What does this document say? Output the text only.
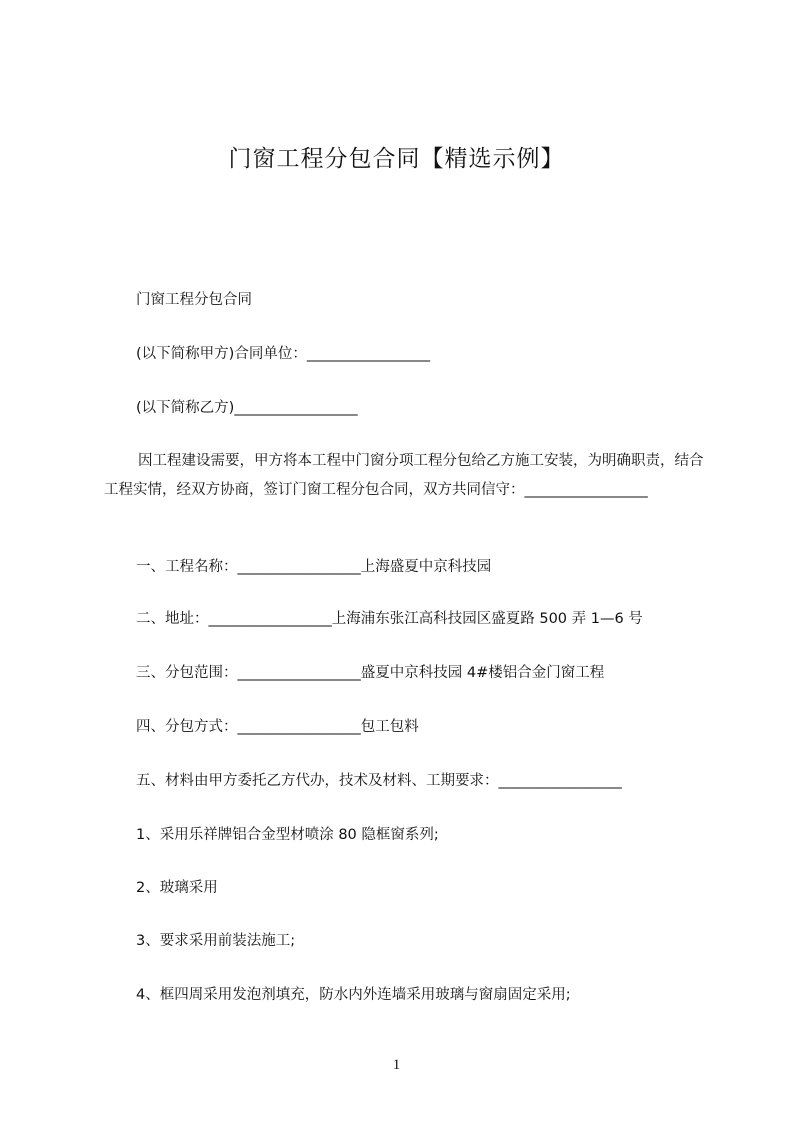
门窗工程分包合同【精选示例】
门窗工程分包合同
(以下简称甲方)合同单位：_________________
(以下简称乙方)_________________

因工程建设需要，甲方将本工程中门窗分项工程分包给乙方施工安装，为明确职责，结合工程实情，经双方协商，签订门窗工程分包合同，双方共同信守：_________________

一、工程名称：_________________上海盛夏中京科技园
二、地址：_________________上海浦东张江高科技园区盛夏路 500 弄 1—6 号
三、分包范围：_________________盛夏中京科技园 4#楼铝合金门窗工程
四、分包方式：_________________包工包料
五、材料由甲方委托乙方代办，技术及材料、工期要求：_________________
1、采用乐祥牌铝合金型材喷涂 80 隐框窗系列;
2、玻璃采用
3、要求采用前装法施工;
4、框四周采用发泡剂填充，防水内外连墙采用玻璃与窗扇固定采用;
1
